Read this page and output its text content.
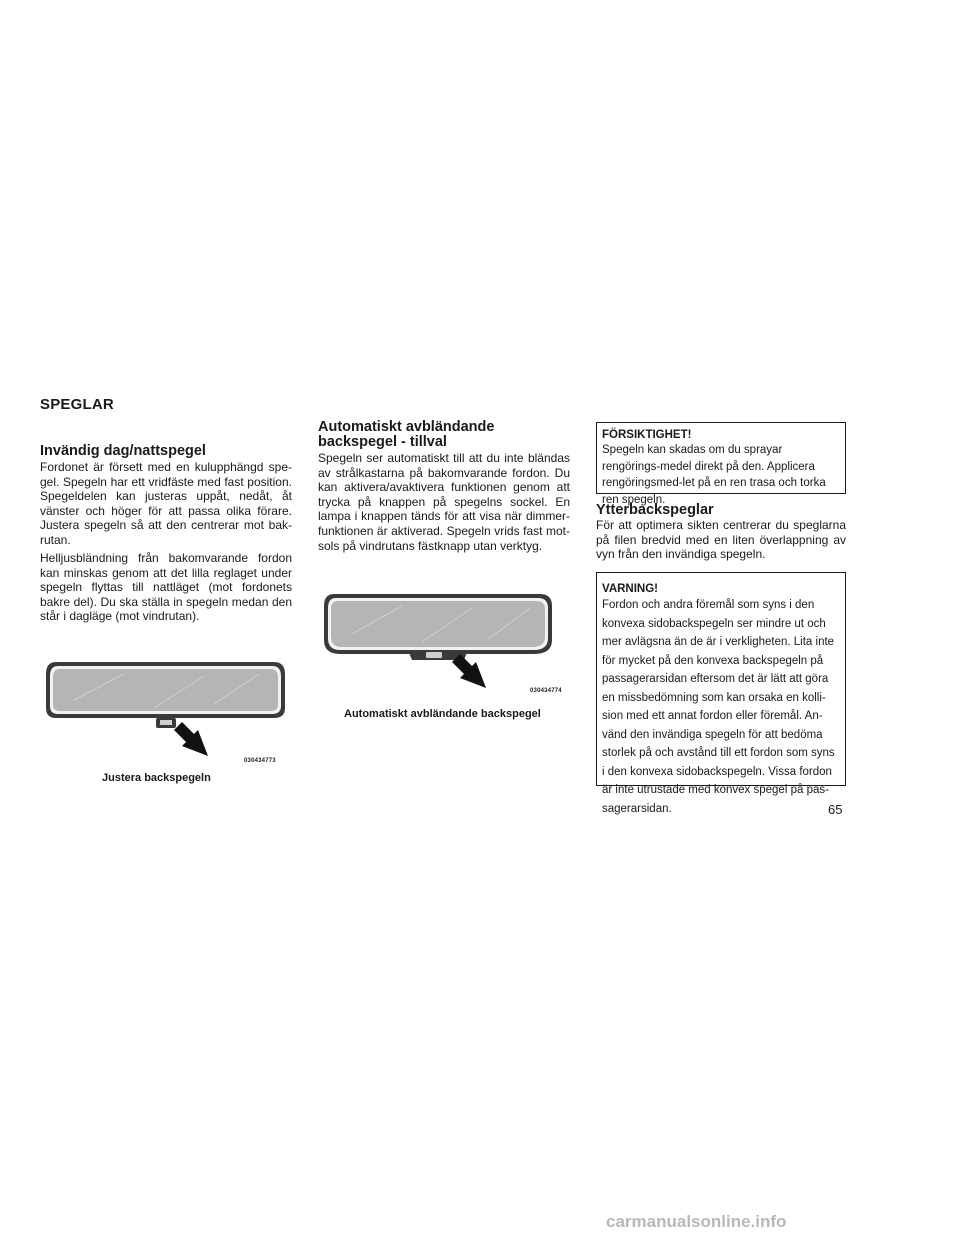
SPEGLAR
Invändig dag/nattspegel
Fordonet är försett med en kulupphängd spe-gel. Spegeln har ett vridfäste med fast position. Spegeldelen kan justeras uppåt, nedåt, åt vänster och höger för att passa olika förare. Justera spegeln så att den centrerar mot bak-rutan.
Helljusbländning från bakomvarande fordon kan minskas genom att det lilla reglaget under spegeln flyttas till nattläget (mot fordonets bakre del). Du ska ställa in spegeln medan den står i dagläge (mot vindrutan).
030434773
Justera backspegeln
Automatiskt avbländande
backspegel - tillval
Spegeln ser automatiskt till att du inte bländas av strålkastarna på bakomvarande fordon. Du kan aktivera/avaktivera funktionen genom att trycka på knappen på spegelns sockel. En lampa i knappen tänds för att visa när dimmer-funktionen är aktiverad. Spegeln vrids fast mot-sols på vindrutans fästknapp utan verktyg.
030434774
Automatiskt avbländande backspegel
FÖRSIKTIGHET!
Spegeln kan skadas om du sprayar rengörings-medel direkt på den. Applicera rengöringsmed-let på en ren trasa och torka ren spegeln.
Ytterbackspeglar
För att optimera sikten centrerar du speglarna på filen bredvid med en liten överlappning av vyn från den invändiga spegeln.
VARNING!
Fordon och andra föremål som syns i den konvexa sidobackspegeln ser mindre ut och mer avlägsna än de är i verkligheten. Lita inte för mycket på den konvexa backspegeln på passagerarsidan eftersom det är lätt att göra en missbedömning som kan orsaka en kolli-sion med ett annat fordon eller föremål. An-vänd den invändiga spegeln för att bedöma storlek på och avstånd till ett fordon som syns i den konvexa sidobackspegeln. Vissa fordon är inte utrustade med konvex spegel på pas-sagerarsidan.	65
carmanualsonline.info
